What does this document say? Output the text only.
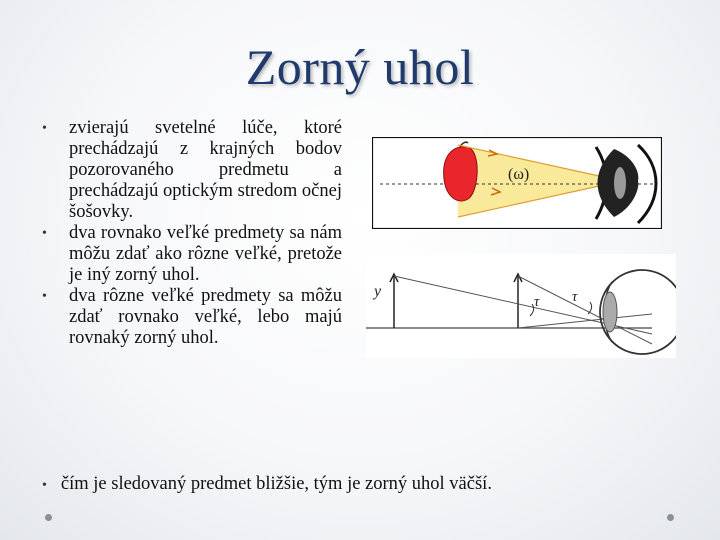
Zorný uhol
• zvierajú svetelné lúče, ktoré prechádzajú z krajných bodov pozorovaného predmetu a prechádzajú optickým stredom očnej šošovky.
• dva rovnako veľké predmety sa nám môžu zdať ako rôzne veľké, pretože je iný zorný uhol.
• dva rôzne veľké predmety sa môžu zdať rovnako veľké, lebo majú rovnaký zorný uhol.
• čím je sledovaný predmet bližšie, tým je zorný uhol väčší.
(ω)
y
τ τ
